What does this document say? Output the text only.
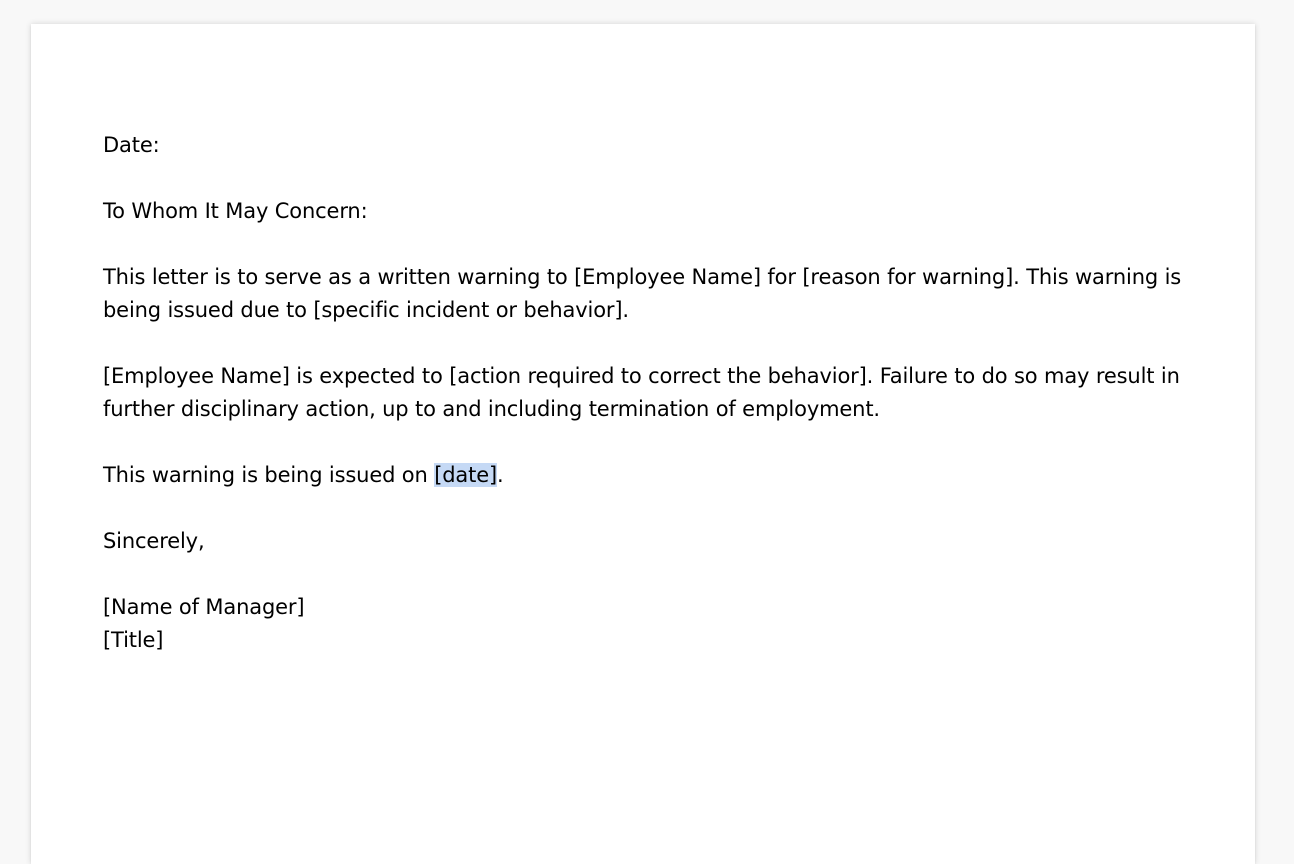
Date:

To Whom It May Concern:

This letter is to serve as a written warning to [Employee Name] for [reason for warning]. This warning is being issued due to [specific incident or behavior].

[Employee Name] is expected to [action required to correct the behavior]. Failure to do so may result in further disciplinary action, up to and including termination of employment.

This warning is being issued on [date].

Sincerely,

[Name of Manager]

[Title]
